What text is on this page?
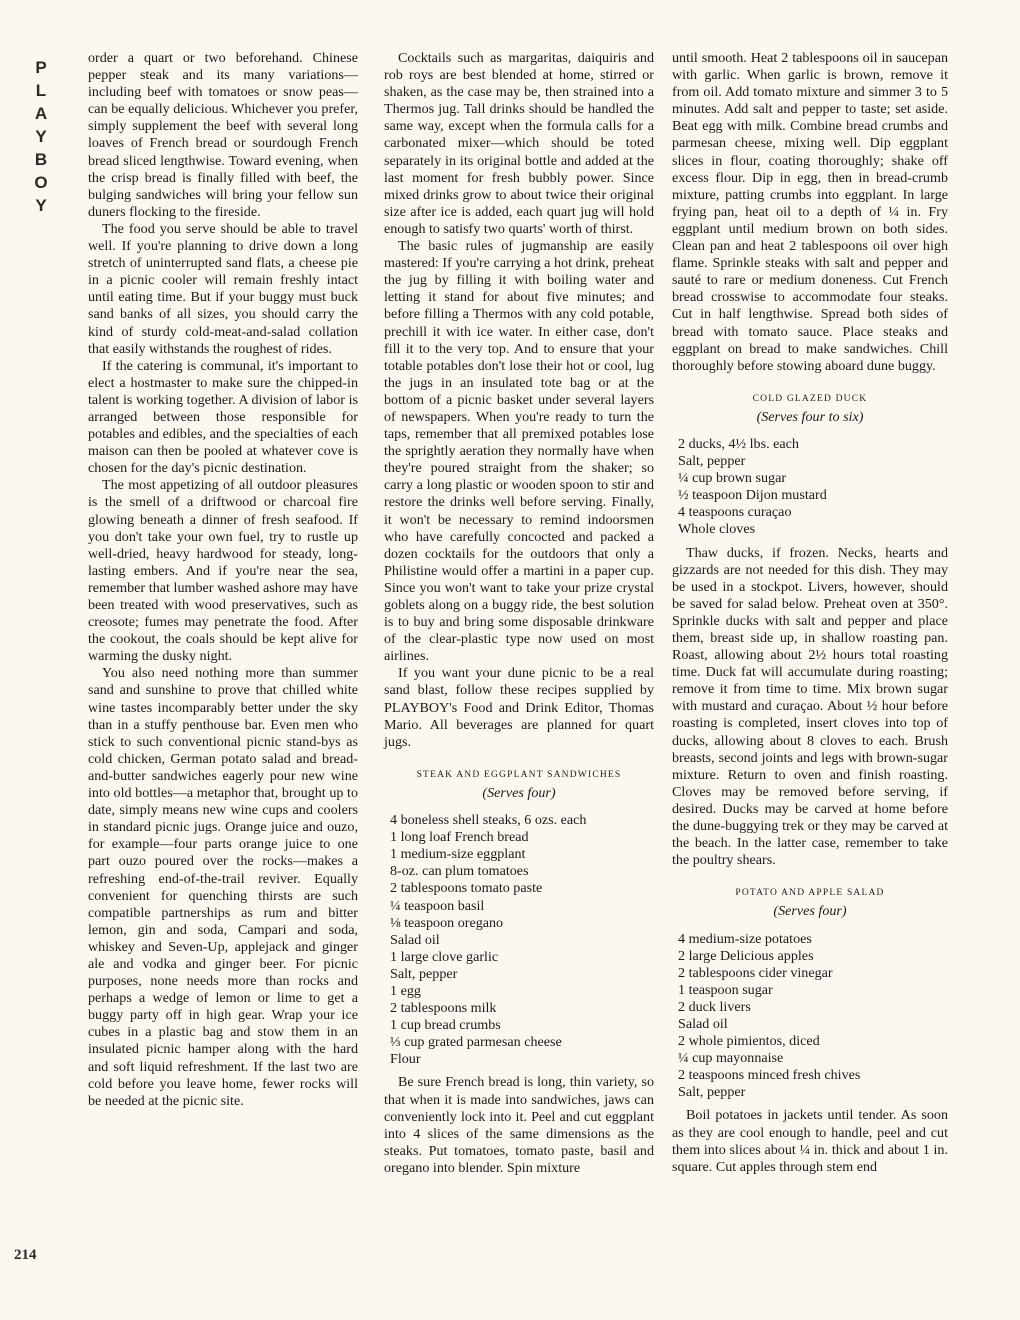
P
L
A
Y
B
O
Y
214

order a quart or two beforehand. Chinese pepper steak and its many variations—including beef with tomatoes or snow peas—can be equally delicious. Whichever you prefer, simply supplement the beef with several long loaves of French bread or sourdough French bread sliced lengthwise. Toward evening, when the crisp bread is finally filled with beef, the bulging sandwiches will bring your fellow sun duners flocking to the fireside.

The food you serve should be able to travel well. If you're planning to drive down a long stretch of uninterrupted sand flats, a cheese pie in a picnic cooler will remain freshly intact until eating time. But if your buggy must buck sand banks of all sizes, you should carry the kind of sturdy cold-meat-and-salad collation that easily withstands the roughest of rides.

If the catering is communal, it's important to elect a hostmaster to make sure the chipped-in talent is working together. A division of labor is arranged between those responsible for potables and edibles, and the specialties of each maison can then be pooled at whatever cove is chosen for the day's picnic destination.

The most appetizing of all outdoor pleasures is the smell of a driftwood or charcoal fire glowing beneath a dinner of fresh seafood. If you don't take your own fuel, try to rustle up well-dried, heavy hardwood for steady, long-lasting embers. And if you're near the sea, remember that lumber washed ashore may have been treated with wood preservatives, such as creosote; fumes may penetrate the food. After the cookout, the coals should be kept alive for warming the dusky night.

You also need nothing more than summer sand and sunshine to prove that chilled white wine tastes incomparably better under the sky than in a stuffy penthouse bar. Even men who stick to such conventional picnic stand-bys as cold chicken, German potato salad and bread-and-butter sandwiches eagerly pour new wine into old bottles—a metaphor that, brought up to date, simply means new wine cups and coolers in standard picnic jugs. Orange juice and ouzo, for example—four parts orange juice to one part ouzo poured over the rocks—makes a refreshing end-of-the-trail reviver. Equally convenient for quenching thirsts are such compatible partnerships as rum and bitter lemon, gin and soda, Campari and soda, whiskey and Seven-Up, applejack and ginger ale and vodka and ginger beer. For picnic purposes, none needs more than rocks and perhaps a wedge of lemon or lime to get a buggy party off in high gear. Wrap your ice cubes in a plastic bag and stow them in an insulated picnic hamper along with the hard and soft liquid refreshment. If the last two are cold before you leave home, fewer rocks will be needed at the picnic site.

Cocktails such as margaritas, daiquiris and rob roys are best blended at home, stirred or shaken, as the case may be, then strained into a Thermos jug. Tall drinks should be handled the same way, except when the formula calls for a carbonated mixer—which should be toted separately in its original bottle and added at the last moment for fresh bubbly power. Since mixed drinks grow to about twice their original size after ice is added, each quart jug will hold enough to satisfy two quarts' worth of thirst.

The basic rules of jugmanship are easily mastered: If you're carrying a hot drink, preheat the jug by filling it with boiling water and letting it stand for about five minutes; and before filling a Thermos with any cold potable, prechill it with ice water. In either case, don't fill it to the very top. And to ensure that your totable potables don't lose their hot or cool, lug the jugs in an insulated tote bag or at the bottom of a picnic basket under several layers of newspapers. When you're ready to turn the taps, remember that all premixed potables lose the sprightly aeration they normally have when they're poured straight from the shaker; so carry a long plastic or wooden spoon to stir and restore the drinks well before serving. Finally, it won't be necessary to remind indoorsmen who have carefully concocted and packed a dozen cocktails for the outdoors that only a Philistine would offer a martini in a paper cup. Since you won't want to take your prize crystal goblets along on a buggy ride, the best solution is to buy and bring some disposable drinkware of the clear-plastic type now used on most airlines.

If you want your dune picnic to be a real sand blast, follow these recipes supplied by PLAYBOY's Food and Drink Editor, Thomas Mario. All beverages are planned for quart jugs.

STEAK AND EGGPLANT SANDWICHES
(Serves four)
4 boneless shell steaks, 6 ozs. each
1 long loaf French bread
1 medium-size eggplant
8-oz. can plum tomatoes
2 tablespoons tomato paste
¼ teaspoon basil
⅛ teaspoon oregano
Salad oil
1 large clove garlic
Salt, pepper
1 egg
2 tablespoons milk
1 cup bread crumbs
⅓ cup grated parmesan cheese
Flour

Be sure French bread is long, thin variety, so that when it is made into sandwiches, jaws can conveniently lock into it. Peel and cut eggplant into 4 slices of the same dimensions as the steaks. Put tomatoes, tomato paste, basil and oregano into blender. Spin mixture

until smooth. Heat 2 tablespoons oil in saucepan with garlic. When garlic is brown, remove it from oil. Add tomato mixture and simmer 3 to 5 minutes. Add salt and pepper to taste; set aside. Beat egg with milk. Combine bread crumbs and parmesan cheese, mixing well. Dip eggplant slices in flour, coating thoroughly; shake off excess flour. Dip in egg, then in bread-crumb mixture, patting crumbs into eggplant. In large frying pan, heat oil to a depth of ¼ in. Fry eggplant until medium brown on both sides. Clean pan and heat 2 tablespoons oil over high flame. Sprinkle steaks with salt and pepper and sauté to rare or medium doneness. Cut French bread crosswise to accommodate four steaks. Cut in half lengthwise. Spread both sides of bread with tomato sauce. Place steaks and eggplant on bread to make sandwiches. Chill thoroughly before stowing aboard dune buggy.

COLD GLAZED DUCK
(Serves four to six)
2 ducks, 4½ lbs. each
Salt, pepper
¼ cup brown sugar
½ teaspoon Dijon mustard
4 teaspoons curaçao
Whole cloves

Thaw ducks, if frozen. Necks, hearts and gizzards are not needed for this dish. They may be used in a stockpot. Livers, however, should be saved for salad below. Preheat oven at 350°. Sprinkle ducks with salt and pepper and place them, breast side up, in shallow roasting pan. Roast, allowing about 2½ hours total roasting time. Duck fat will accumulate during roasting; remove it from time to time. Mix brown sugar with mustard and curaçao. About ½ hour before roasting is completed, insert cloves into top of ducks, allowing about 8 cloves to each. Brush breasts, second joints and legs with brown-sugar mixture. Return to oven and finish roasting. Cloves may be removed before serving, if desired. Ducks may be carved at home before the dune-buggying trek or they may be carved at the beach. In the latter case, remember to take the poultry shears.

POTATO AND APPLE SALAD
(Serves four)
4 medium-size potatoes
2 large Delicious apples
2 tablespoons cider vinegar
1 teaspoon sugar
2 duck livers
Salad oil
2 whole pimientos, diced
¼ cup mayonnaise
2 teaspoons minced fresh chives
Salt, pepper

Boil potatoes in jackets until tender. As soon as they are cool enough to handle, peel and cut them into slices about ¼ in. thick and about 1 in. square. Cut apples through stem end
